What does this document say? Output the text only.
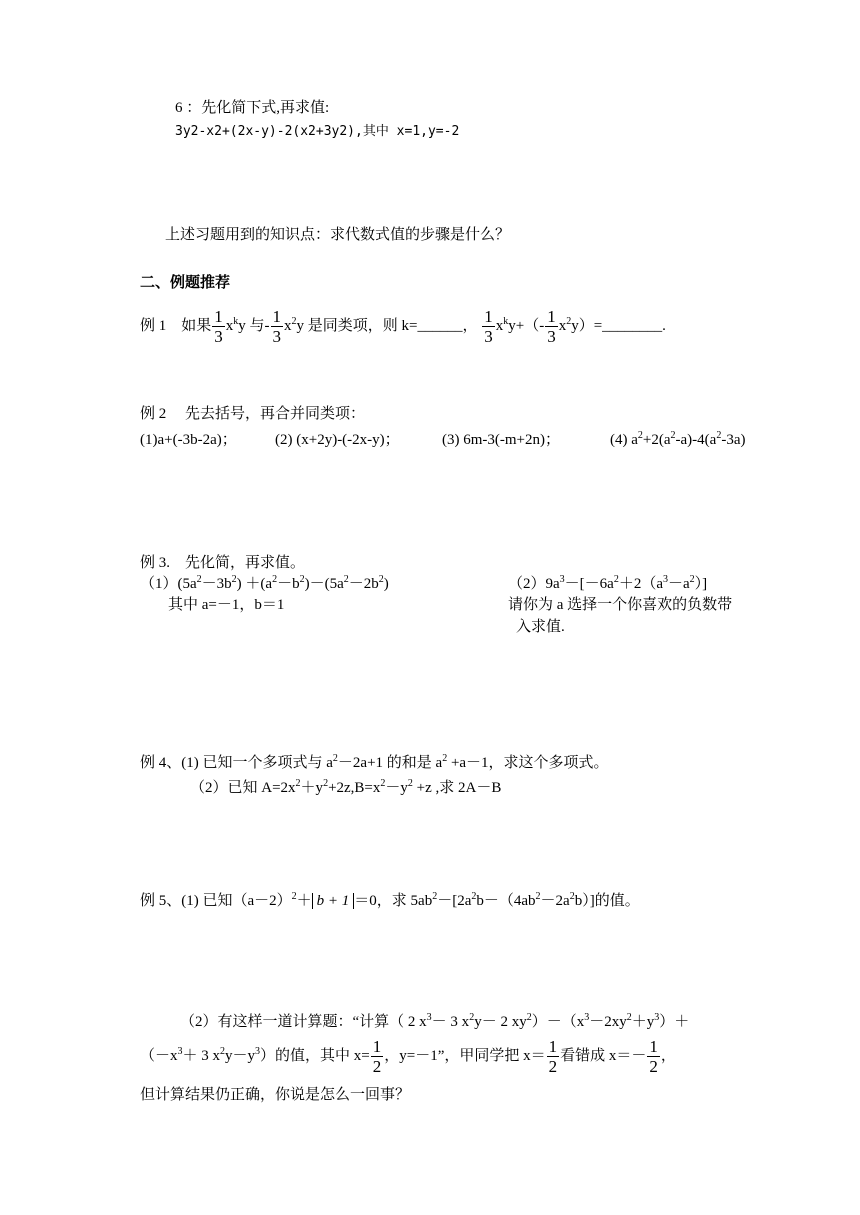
6 ：先化简下式,再求值:
3y2-x2+(2x-y)-2(x2+3y2),其中 x=1,y=-2
上述习题用到的知识点：求代数式值的步骤是什么？
二、例题推荐
例 1 如果 $\frac{1}{3} x^ky$ 与- $\frac{1}{3} x^2y$ 是同类项，则 k=______， $\frac{1}{3} x^ky+(- \frac{1}{3}$ $x^2y)=\_\_\_\_\_\_\_\_$.
例 2　 先去括号，再合并同类项：
(1)a+(-3b-2a)；	(2) (x+2y)-(-2x-y)；	(3) 6m-3(-m+2n)；	(4) $a^2+2(a^2-a)-4(a^2-3a)$
例 3.　先化简，再求值。
$(1)(5a^2-3b^2) +(a^2-b^2)-(5a^2-2b^2)$
其中 a=－1，b＝1
$(2)9a^3-[-6a^2+2(a^3-a^2)]$
请你为 a 选择一个你喜欢的负数带
入求值.
例 4、(1) 已知一个多项式与 $a^2-2a+1$ 的和是 $a^2 +a-1$，求这个多项式。
（2）已知 $A=2x^2+y^2+2z,B=x^2-y^2 +z$ ,求 2A－B
例 5、(1) 已知$(a-2)^2+ b + 1 =0$，求 $5ab^2-[2a^2b-(4ab^2-2a^2b)]$的值。
（2）有这样一道计算题：“计算（ 2 $x^3- 3$ $x^2y- 2$ $xy^2)-(x^3-2xy^2+y^3)+$
（$-x^3+ 3$ $x^2y-y^3$）的值，其中 $x= \frac{1}{2}$ ，y=－1”，甲同学把 $x= \frac{1}{2}$ 看错成 $x=- \frac{1}{2}$ ，
但计算结果仍正确，你说是怎么一回事？
